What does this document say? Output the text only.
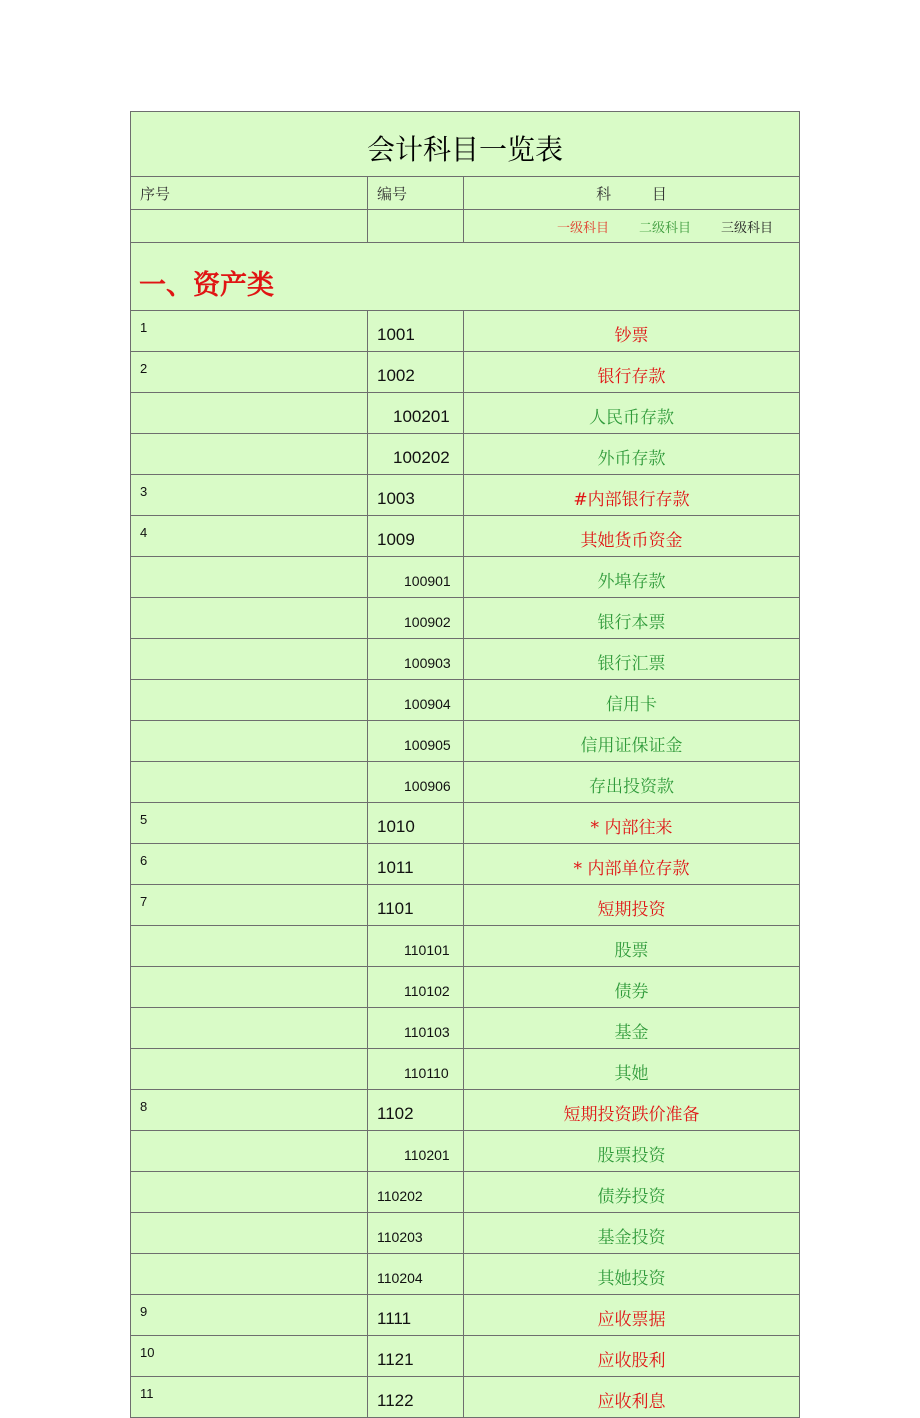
会计科目一览表		
序号	编号	科 目
		一级科目 二级科目 三级科目
一、资产类		
1	1001	钞票
2	1002	银行存款
	100201	人民币存款
	100202	外币存款
3	1003	#内部银行存款
4	1009	其她货币资金
	100901	外埠存款
	100902	银行本票
	100903	银行汇票
	100904	信用卡
	100905	信用证保证金
	100906	存出投资款
5	1010	* 内部往来
6	1011	* 内部单位存款
7	1101	短期投资
	110101	股票
	110102	债券
	110103	基金
	110110	其她
8	1102	短期投资跌价准备
	110201	股票投资
	110202	债券投资
	110203	基金投资
	110204	其她投资
9	1111	应收票据
10	1121	应收股利
11	1122	应收利息
